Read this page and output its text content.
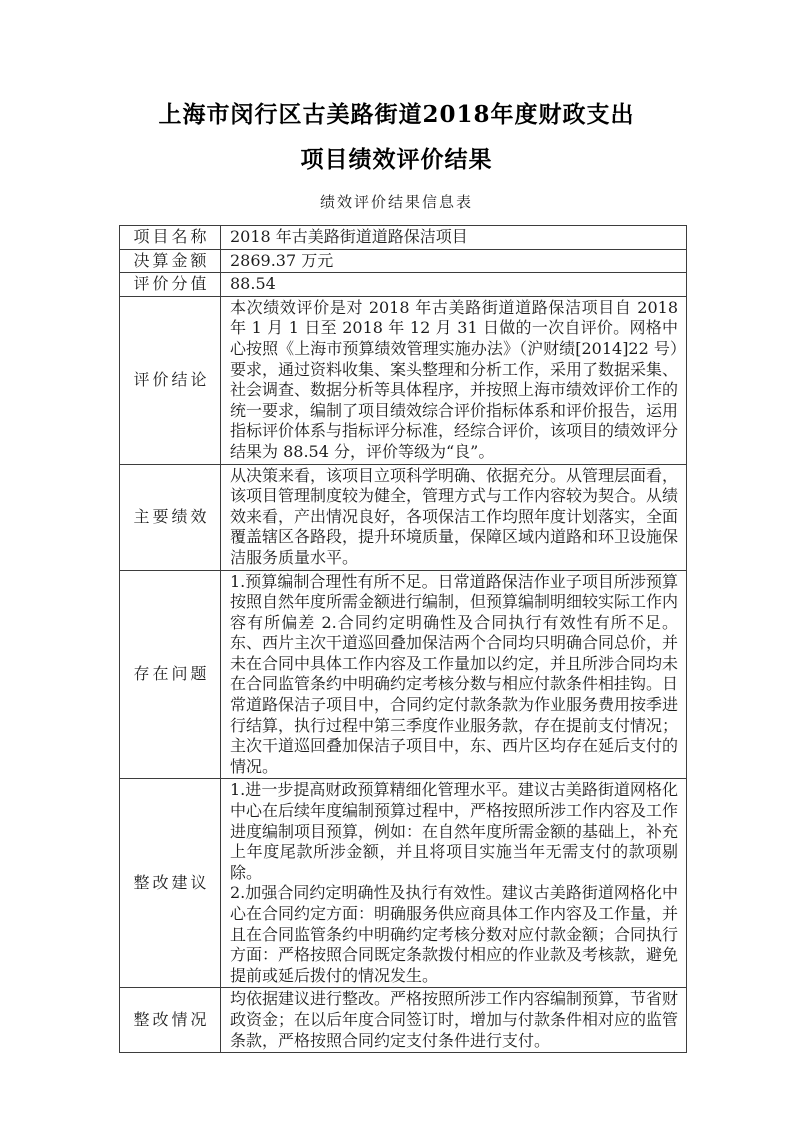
上海市闵行区古美路街道2018年度财政支出
项目绩效评价结果
绩效评价结果信息表
项目名称	2018 年古美路街道道路保洁项目

决算金额	2869.37 万元

评价分值	88.54

评价结论	本次绩效评价是对 2018 年古美路街道道路保洁项目自 2018 年 1 月 1 日至 2018 年 12 月 31 日做的一次自评价。网格中心按照《上海市预算绩效管理实施办法》（沪财绩[2014]22 号）要求，通过资料收集、案头整理和分析工作，采用了数据采集、社会调查、数据分析等具体程序，并按照上海市绩效评价工作的统一要求，编制了项目绩效综合评价指标体系和评价报告，运用指标评价体系与指标评分标准，经综合评价，该项目的绩效评分结果为 88.54 分，评价等级为“良”。

主要绩效	从决策来看，该项目立项科学明确、依据充分。从管理层面看，该项目管理制度较为健全，管理方式与工作内容较为契合。从绩效来看，产出情况良好，各项保洁工作均照年度计划落实，全面覆盖辖区各路段，提升环境质量，保障区域内道路和环卫设施保洁服务质量水平。

存在问题	1.预算编制合理性有所不足。日常道路保洁作业子项目所涉预算按照自然年度所需金额进行编制，但预算编制明细较实际工作内容有所偏差 2.合同约定明确性及合同执行有效性有所不足。东、西片主次干道巡回叠加保洁两个合同均只明确合同总价，并未在合同中具体工作内容及工作量加以约定，并且所涉合同均未在合同监管条约中明确约定考核分数与相应付款条件相挂钩。日常道路保洁子项目中，合同约定付款条款为作业服务费用按季进行结算，执行过程中第三季度作业服务款，存在提前支付情况；主次干道巡回叠加保洁子项目中，东、西片区均存在延后支付的情况。

整改建议	1.进一步提高财政预算精细化管理水平。建议古美路街道网格化中心在后续年度编制预算过程中，严格按照所涉工作内容及工作进度编制项目预算，例如：在自然年度所需金额的基础上，补充上年度尾款所涉金额，并且将项目实施当年无需支付的款项剔除。

2.加强合同约定明确性及执行有效性。建议古美路街道网格化中心在合同约定方面：明确服务供应商具体工作内容及工作量，并且在合同监管条约中明确约定考核分数对应付款金额；合同执行方面：严格按照合同既定条款拨付相应的作业款及考核款，避免提前或延后拨付的情况发生。

整改情况	均依据建议进行整改。严格按照所涉工作内容编制预算，节省财政资金；在以后年度合同签订时，增加与付款条件相对应的监管条款，严格按照合同约定支付条件进行支付。
